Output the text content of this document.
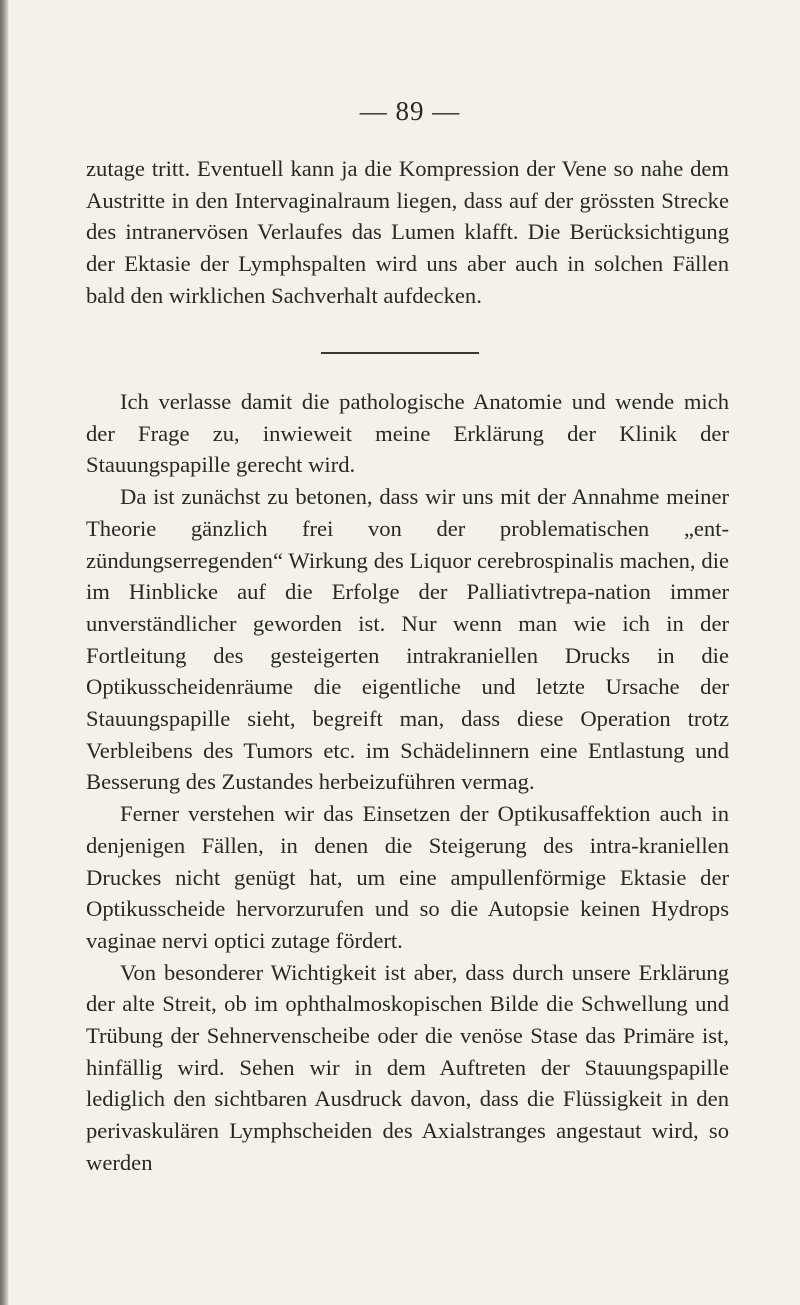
— 89 —

zutage tritt. Eventuell kann ja die Kompression der Vene so nahe dem Austritte in den Intervaginalraum liegen, dass auf der grössten Strecke des intranervösen Verlaufes das Lumen klafft. Die Berücksichtigung der Ektasie der Lymphspalten wird uns aber auch in solchen Fällen bald den wirklichen Sachverhalt aufdecken.

Ich verlasse damit die pathologische Anatomie und wende mich der Frage zu, inwieweit meine Erklärung der Klinik der Stauungspapille gerecht wird.

Da ist zunächst zu betonen, dass wir uns mit der Annahme meiner Theorie gänzlich frei von der problematischen „ent-zündungserregenden“ Wirkung des Liquor cerebrospinalis machen, die im Hinblicke auf die Erfolge der Palliativtrepa-nation immer unverständlicher geworden ist. Nur wenn man wie ich in der Fortleitung des gesteigerten intrakraniellen Drucks in die Optikusscheidenräume die eigentliche und letzte Ursache der Stauungspapille sieht, begreift man, dass diese Operation trotz Verbleibens des Tumors etc. im Schädelinnern eine Entlastung und Besserung des Zustandes herbeizuführen vermag.

Ferner verstehen wir das Einsetzen der Optikusaffektion auch in denjenigen Fällen, in denen die Steigerung des intra-kraniellen Druckes nicht genügt hat, um eine ampullenförmige Ektasie der Optikusscheide hervorzurufen und so die Autopsie keinen Hydrops vaginae nervi optici zutage fördert.

Von besonderer Wichtigkeit ist aber, dass durch unsere Erklärung der alte Streit, ob im ophthalmoskopischen Bilde die Schwellung und Trübung der Sehnervenscheibe oder die venöse Stase das Primäre ist, hinfällig wird. Sehen wir in dem Auftreten der Stauungspapille lediglich den sichtbaren Ausdruck davon, dass die Flüssigkeit in den perivaskulären Lymphscheiden des Axialstranges angestaut wird, so werden
